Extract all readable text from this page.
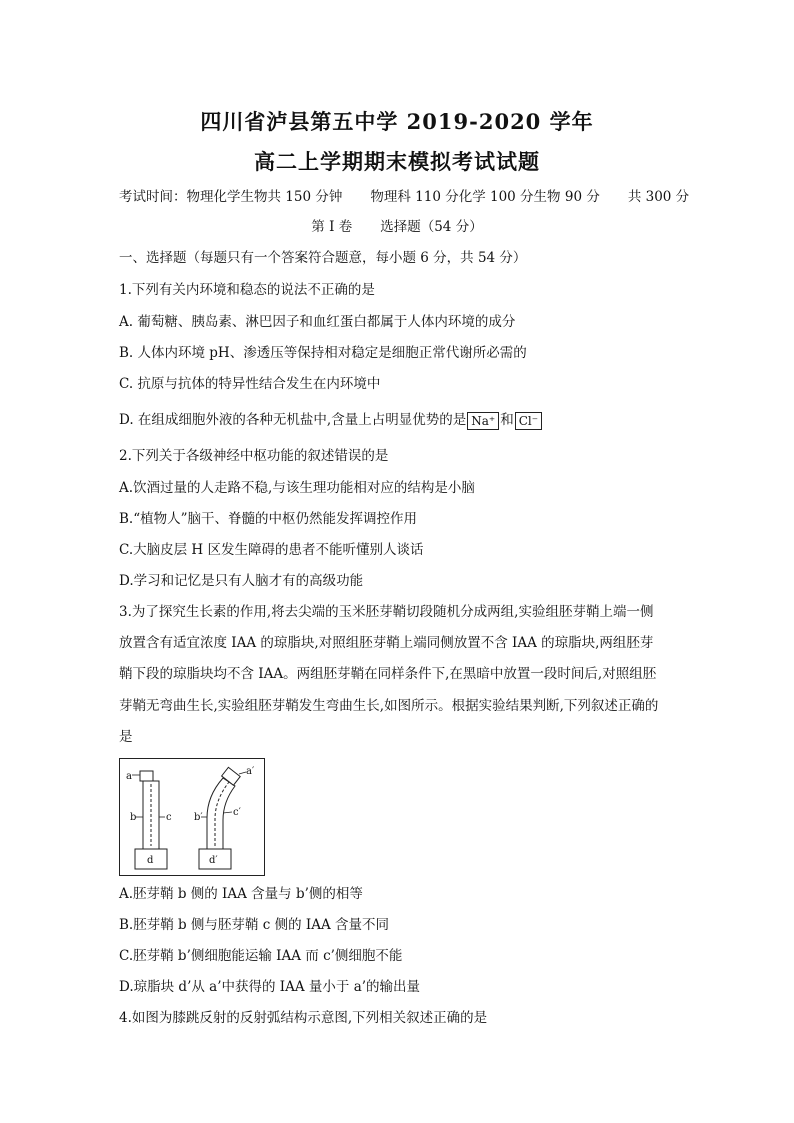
四川省泸县第五中学 2019-2020 学年
高二上学期期末模拟考试试题
考试时间：物理化学生物共 150 分钟 物理科 110 分化学 100 分生物 90 分 共 300 分
第 I 卷 选择题（54 分）
一、选择题（每题只有一个答案符合题意，每小题 6 分，共 54 分）
1.下列有关内环境和稳态的说法不正确的是
A. 葡萄糖、胰岛素、淋巴因子和血红蛋白都属于人体内环境的成分
B. 人体内环境 pH、渗透压等保持相对稳定是细胞正常代谢所必需的
C. 抗原与抗体的特异性结合发生在内环境中
D. 在组成细胞外液的各种无机盐中,含量上占明显优势的是 Na⁺ 和 Cl⁻
2.下列关于各级神经中枢功能的叙述错误的是
A.饮酒过量的人走路不稳,与该生理功能相对应的结构是小脑
B.“植物人”脑干、脊髓的中枢仍然能发挥调控作用
C.大脑皮层 H 区发生障碍的患者不能听懂别人谈话
D.学习和记忆是只有人脑才有的高级功能
3.为了探究生长素的作用,将去尖端的玉米胚芽鞘切段随机分成两组,实验组胚芽鞘上端一侧
放置含有适宜浓度 IAA 的琼脂块,对照组胚芽鞘上端同侧放置不含 IAA 的琼脂块,两组胚芽
鞘下段的琼脂块均不含 IAA。两组胚芽鞘在同样条件下,在黑暗中放置一段时间后,对照组胚
芽鞘无弯曲生长,实验组胚芽鞘发生弯曲生长,如图所示。根据实验结果判断,下列叙述正确的
是
a
b	c
d
a′
b′	c′
d′
A.胚芽鞘 b 侧的 IAA 含量与 b’侧的相等
B.胚芽鞘 b 侧与胚芽鞘 c 侧的 IAA 含量不同
C.胚芽鞘 b’侧细胞能运输 IAA 而 c’侧细胞不能
D.琼脂块 d’从 a’中获得的 IAA 量小于 a’的输出量
4.如图为膝跳反射的反射弧结构示意图,下列相关叙述正确的是
